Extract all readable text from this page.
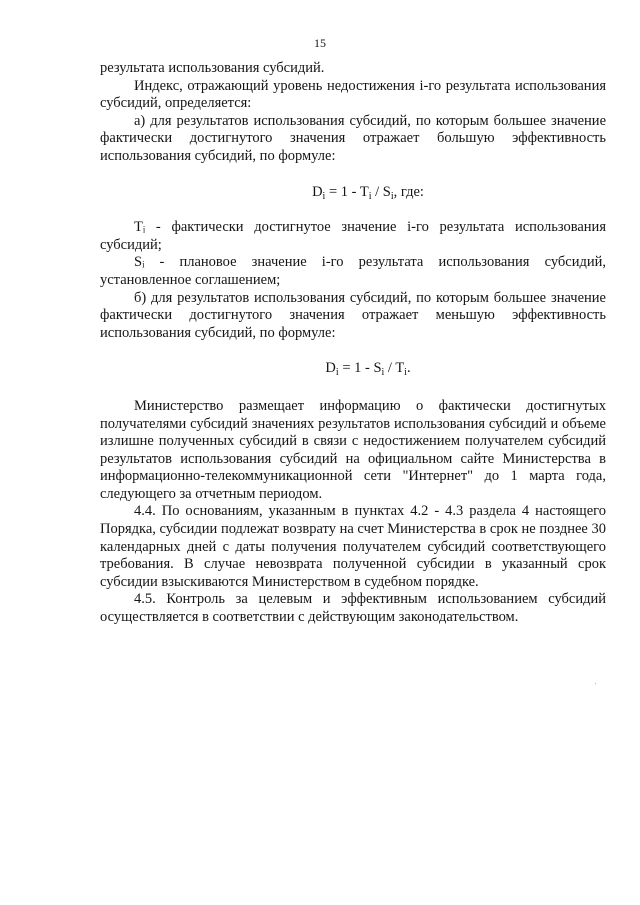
15

результата использования субсидий.

Индекс, отражающий уровень недостижения i-го результата использования субсидий, определяется:

а) для результатов использования субсидий, по которым большее значение фактически достигнутого значения отражает большую эффективность использования субсидий, по формуле:

$D_i = 1 - T_i / S_i$, где:

Tᵢ - фактически достигнутое значение i-го результата использования субсидий;

Sᵢ - плановое значение i-го результата использования субсидий, установленное соглашением;

б) для результатов использования субсидий, по которым большее значение фактически достигнутого значения отражает меньшую эффективность использования субсидий, по формуле:

$D_i = 1 - S_i / T_i$.

Министерство размещает информацию о фактически достигнутых получателями субсидий значениях результатов использования субсидий и объеме излишне полученных субсидий в связи с недостижением получателем субсидий результатов использования субсидий на официальном сайте Министерства в информационно-телекоммуникационной сети "Интернет" до 1 марта года, следующего за отчетным периодом.

4.4. По основаниям, указанным в пунктах 4.2 - 4.3 раздела 4 настоящего Порядка, субсидии подлежат возврату на счет Министерства в срок не позднее 30 календарных дней с даты получения получателем субсидий соответствующего требования. В случае невозврата полученной субсидии в указанный срок субсидии взыскиваются Министерством в судебном порядке.

4.5. Контроль за целевым и эффективным использованием субсидий осуществляется в соответствии с действующим законодательством.
